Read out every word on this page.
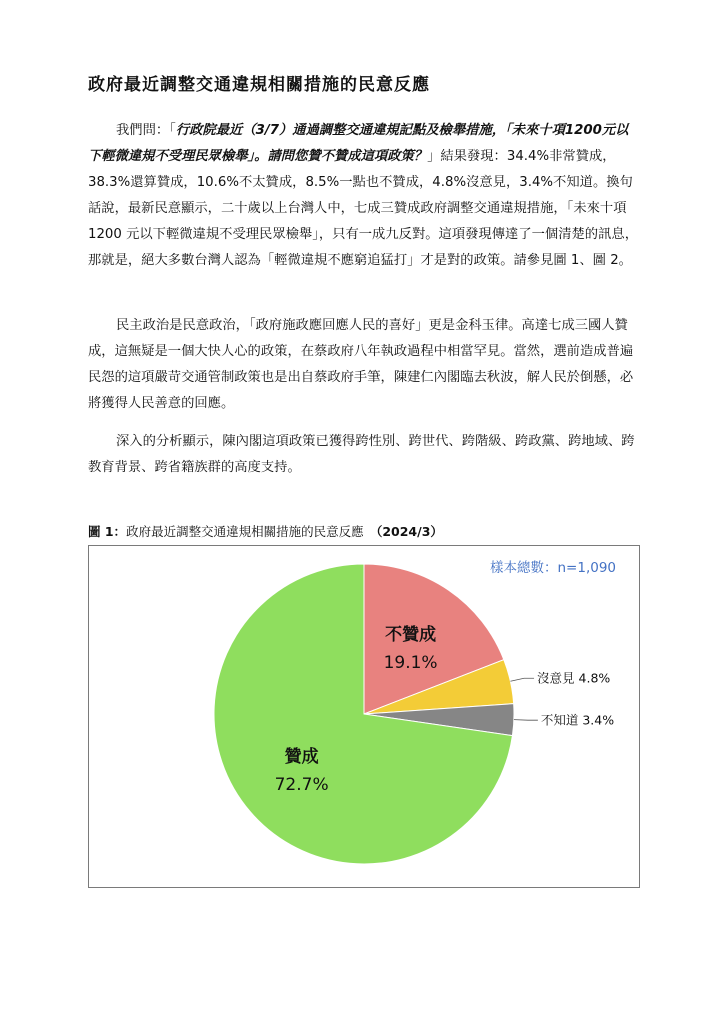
政府最近調整交通違規相關措施的民意反應

我們問：「行政院最近（3/7）通過調整交通違規記點及檢舉措施，「未來十項1200元以下輕微違規不受理民眾檢舉」。請問您贊不贊成這項政策？」結果發現：34.4%非常贊成，38.3%還算贊成，10.6%不太贊成，8.5%一點也不贊成，4.8%沒意見，3.4%不知道。換句話說，最新民意顯示，二十歲以上台灣人中，七成三贊成政府調整交通違規措施，「未來十項 1200 元以下輕微違規不受理民眾檢舉」，只有一成九反對。這項發現傳達了一個清楚的訊息，那就是，絕大多數台灣人認為「輕微違規不應窮追猛打」才是對的政策。請參見圖 1、圖 2。

民主政治是民意政治，「政府施政應回應人民的喜好」更是金科玉律。高達七成三國人贊成，這無疑是一個大快人心的政策，在蔡政府八年執政過程中相當罕見。當然，選前造成普遍民怨的這項嚴苛交通管制政策也是出自蔡政府手筆，陳建仁內閣臨去秋波，解人民於倒懸，必將獲得人民善意的回應。

深入的分析顯示，陳內閣這項政策已獲得跨性別、跨世代、跨階級、跨政黨、跨地域、跨教育背景、跨省籍族群的高度支持。

圖 1：政府最近調整交通違規相關措施的民意反應　 （2024/3）
不贊成
19.1%
沒意見 4.8%
不知道 3.4%
贊成
72.7%
樣本總數：n=1,090
